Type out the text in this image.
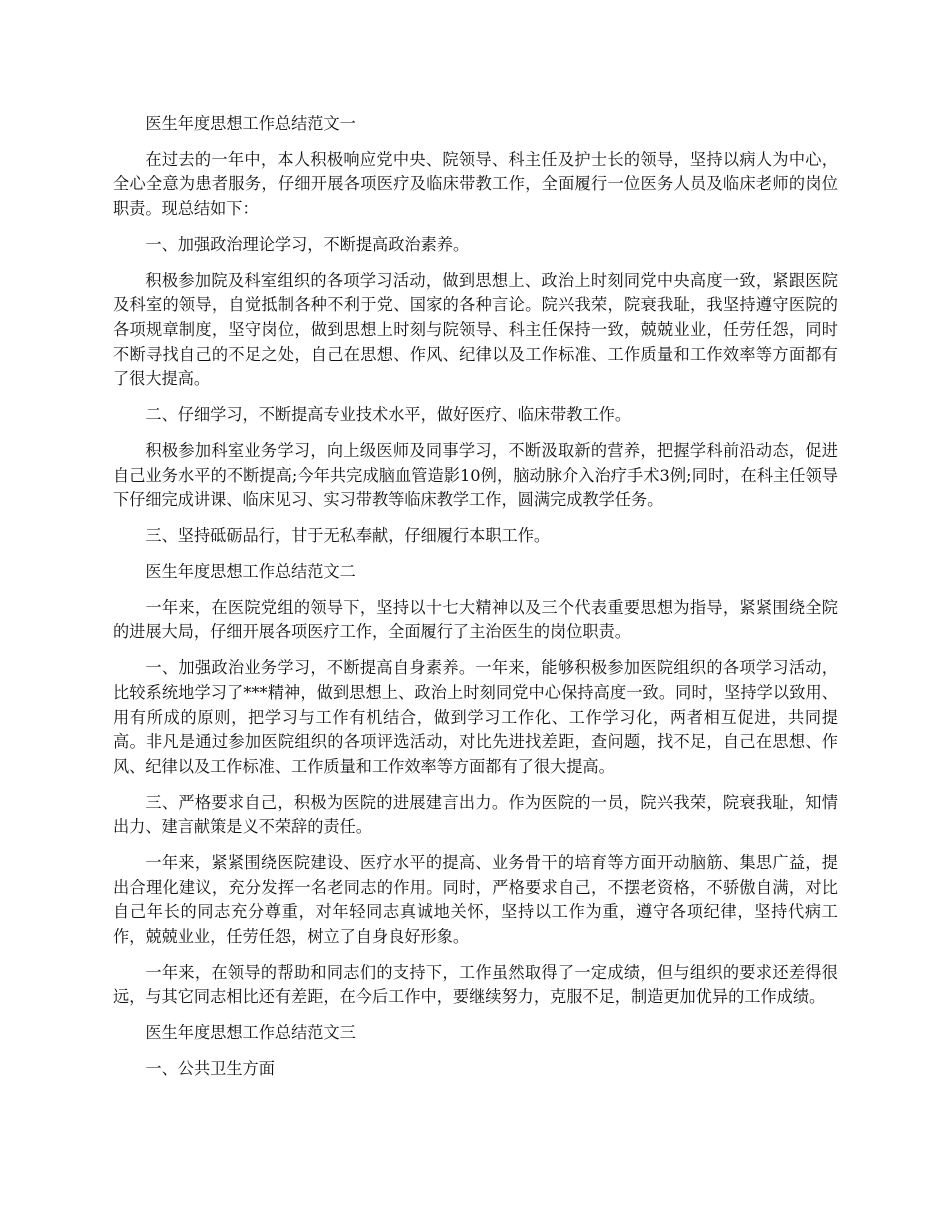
医生年度思想工作总结范文一

在过去的一年中，本人积极响应党中央、院领导、科主任及护士长的领导，坚持以病人为中心，全心全意为患者服务，仔细开展各项医疗及临床带教工作，全面履行一位医务人员及临床老师的岗位职责。现总结如下：

一、加强政治理论学习，不断提高政治素养。

积极参加院及科室组织的各项学习活动，做到思想上、政治上时刻同党中央高度一致，紧跟医院及科室的领导，自觉抵制各种不利于党、国家的各种言论。院兴我荣，院衰我耻，我坚持遵守医院的各项规章制度，坚守岗位，做到思想上时刻与院领导、科主任保持一致，兢兢业业，任劳任怨，同时不断寻找自己的不足之处，自己在思想、作风、纪律以及工作标准、工作质量和工作效率等方面都有了很大提高。

二、仔细学习，不断提高专业技术水平，做好医疗、临床带教工作。

积极参加科室业务学习，向上级医师及同事学习，不断汲取新的营养，把握学科前沿动态，促进自己业务水平的不断提高;今年共完成脑血管造影10例，脑动脉介入治疗手术3例;同时，在科主任领导下仔细完成讲课、临床见习、实习带教等临床教学工作，圆满完成教学任务。

三、坚持砥砺品行，甘于无私奉献，仔细履行本职工作。

医生年度思想工作总结范文二

一年来，在医院党组的领导下，坚持以十七大精神以及三个代表重要思想为指导，紧紧围绕全院的进展大局，仔细开展各项医疗工作，全面履行了主治医生的岗位职责。

一、加强政治业务学习，不断提高自身素养。一年来，能够积极参加医院组织的各项学习活动，比较系统地学习了***精神，做到思想上、政治上时刻同党中心保持高度一致。同时，坚持学以致用、用有所成的原则，把学习与工作有机结合，做到学习工作化、工作学习化，两者相互促进，共同提高。非凡是通过参加医院组织的各项评选活动，对比先进找差距，查问题，找不足，自己在思想、作风、纪律以及工作标准、工作质量和工作效率等方面都有了很大提高。

三、严格要求自己，积极为医院的进展建言出力。作为医院的一员，院兴我荣，院衰我耻，知情出力、建言献策是义不荣辞的责任。

一年来，紧紧围绕医院建设、医疗水平的提高、业务骨干的培育等方面开动脑筋、集思广益，提出合理化建议，充分发挥一名老同志的作用。同时，严格要求自己，不摆老资格，不骄傲自满，对比自己年长的同志充分尊重，对年轻同志真诚地关怀，坚持以工作为重，遵守各项纪律，坚持代病工作，兢兢业业，任劳任怨，树立了自身良好形象。

一年来，在领导的帮助和同志们的支持下，工作虽然取得了一定成绩，但与组织的要求还差得很远，与其它同志相比还有差距，在今后工作中，要继续努力，克服不足，制造更加优异的工作成绩。

医生年度思想工作总结范文三

一、公共卫生方面
